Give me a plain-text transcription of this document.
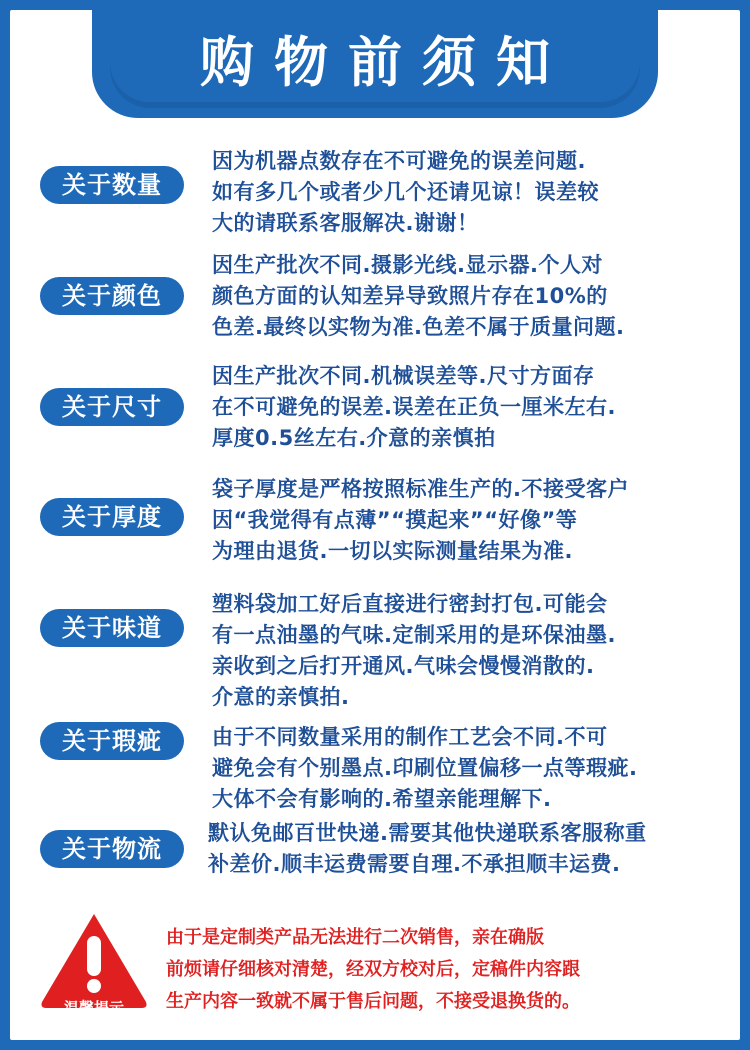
购物前须知
关于数量
因为机器点数存在不可避免的误差问题.
如有多几个或者少几个还请见谅！误差较
大的请联系客服解决.谢谢！
关于颜色
因生产批次不同.摄影光线.显示器.个人对
颜色方面的认知差异导致照片存在10%的
色差.最终以实物为准.色差不属于质量问题.
关于尺寸
因生产批次不同.机械误差等.尺寸方面存
在不可避免的误差.误差在正负一厘米左右.
厚度0.5丝左右.介意的亲慎拍
关于厚度
袋子厚度是严格按照标准生产的.不接受客户
因“我觉得有点薄”“摸起来”“好像”等
为理由退货.一切以实际测量结果为准.
关于味道
塑料袋加工好后直接进行密封打包.可能会
有一点油墨的气味.定制采用的是环保油墨.
亲收到之后打开通风.气味会慢慢消散的.
介意的亲慎拍.
关于瑕疵	由于不同数量采用的制作工艺会不同.不可
避免会有个别墨点.印刷位置偏移一点等瑕疵.
大体不会有影响的.希望亲能理解下.
关于物流
默认免邮百世快递.需要其他快递联系客服称重
补差价.顺丰运费需要自理.不承担顺丰运费.
温馨提示
由于是定制类产品无法进行二次销售，亲在确版
前烦请仔细核对清楚，经双方校对后，定稿件内容跟
生产内容一致就不属于售后问题，不接受退换货的。
